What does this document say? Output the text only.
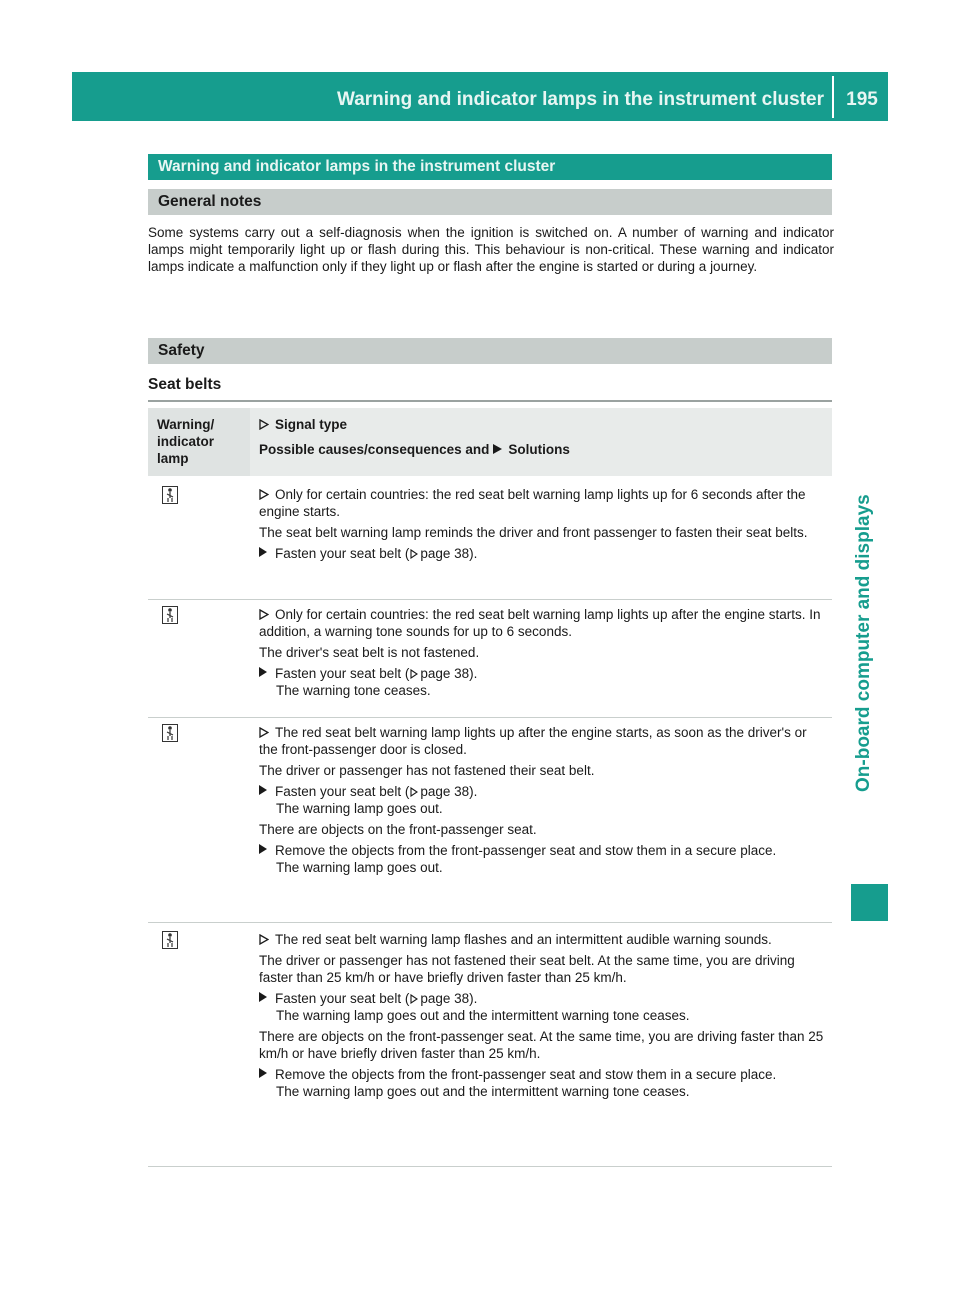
Warning and indicator lamps in the instrument cluster	195
On-board computer and displays
Warning and indicator lamps in the instrument cluster
General notes
Some systems carry out a self-diagnosis when the ignition is switched on. A number of warning and indicator lamps might temporarily light up or flash during this. This behaviour is non-critical. These warning and indicator lamps indicate a malfunction only if they light up or flash after the engine is started or during a journey.
Safety
Seat belts
Warning/ indicator lamp
Signal type
Possible causes/consequences and Solutions

Only for certain countries: the red seat belt warning lamp lights up for 6 seconds after the engine starts.

The seat belt warning lamp reminds the driver and front passenger to fasten their seat belts.

Fasten your seat belt ( page 38).

Only for certain countries: the red seat belt warning lamp lights up after the engine starts. In addition, a warning tone sounds for up to 6 seconds.

The driver's seat belt is not fastened.

Fasten your seat belt ( page 38).

The warning tone ceases.

The red seat belt warning lamp lights up after the engine starts, as soon as the driver's or the front-passenger door is closed.

The driver or passenger has not fastened their seat belt.

Fasten your seat belt ( page 38).

The warning lamp goes out.

There are objects on the front-passenger seat.

Remove the objects from the front-passenger seat and stow them in a secure place.

The warning lamp goes out.

The red seat belt warning lamp flashes and an intermittent audible warning sounds.

The driver or passenger has not fastened their seat belt. At the same time, you are driving faster than 25 km/h or have briefly driven faster than 25 km/h.

Fasten your seat belt ( page 38).

The warning lamp goes out and the intermittent warning tone ceases.

There are objects on the front-passenger seat. At the same time, you are driving faster than 25 km/h or have briefly driven faster than 25 km/h.

Remove the objects from the front-passenger seat and stow them in a secure place.

The warning lamp goes out and the intermittent warning tone ceases.
